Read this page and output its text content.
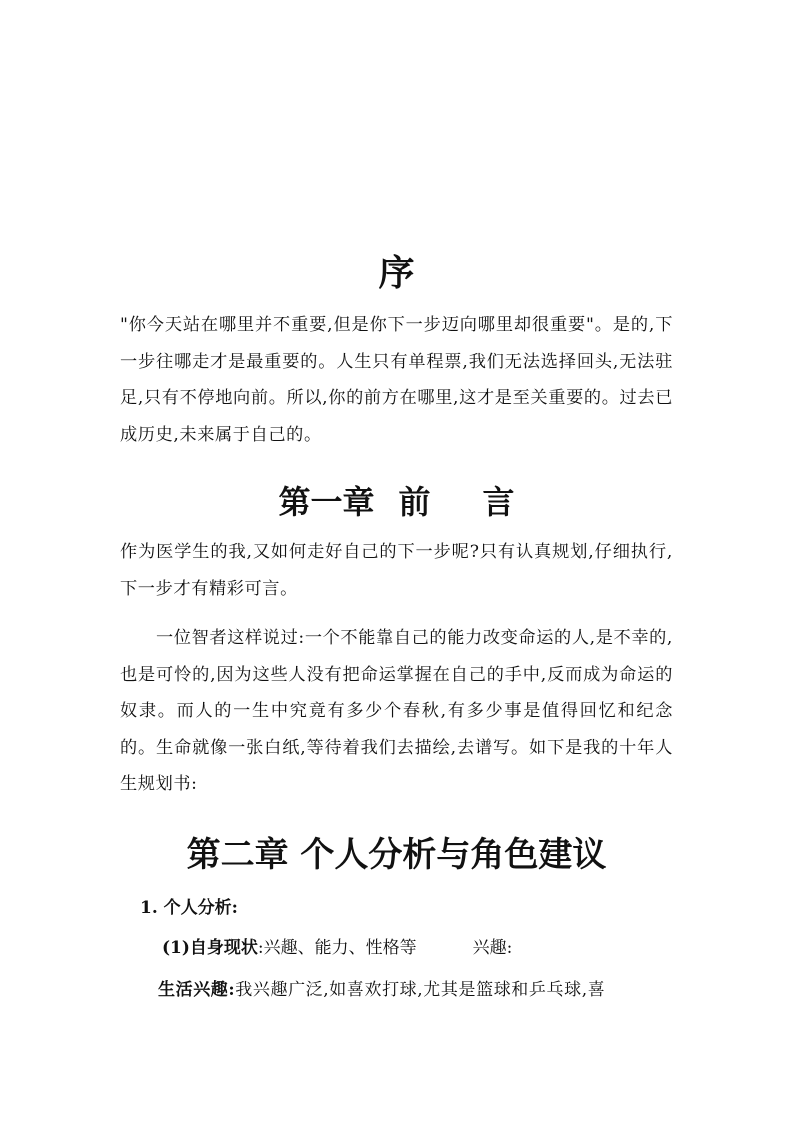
序

"你今天站在哪里并不重要,但是你下一步迈向哪里却很重要"。是的,下一步往哪走才是最重要的。人生只有单程票,我们无法选择回头,无法驻足,只有不停地向前。所以,你的前方在哪里,这才是至关重要的。过去已成历史,未来属于自己的。

第一章 前 言

作为医学生的我,又如何走好自己的下一步呢?只有认真规划,仔细执行,下一步才有精彩可言。

一位智者这样说过:一个不能靠自己的能力改变命运的人,是不幸的,也是可怜的,因为这些人没有把命运掌握在自己的手中,反而成为命运的奴隶。而人的一生中究竟有多少个春秋,有多少事是值得回忆和纪念的。生命就像一张白纸,等待着我们去描绘,去谱写。如下是我的十年人生规划书:

第二章 个人分析与角色建议

1. 个人分析:

(1)自身现状:兴趣、能力、性格等	兴趣:

生活兴趣:我兴趣广泛,如喜欢打球,尤其是篮球和乒乓球,喜
